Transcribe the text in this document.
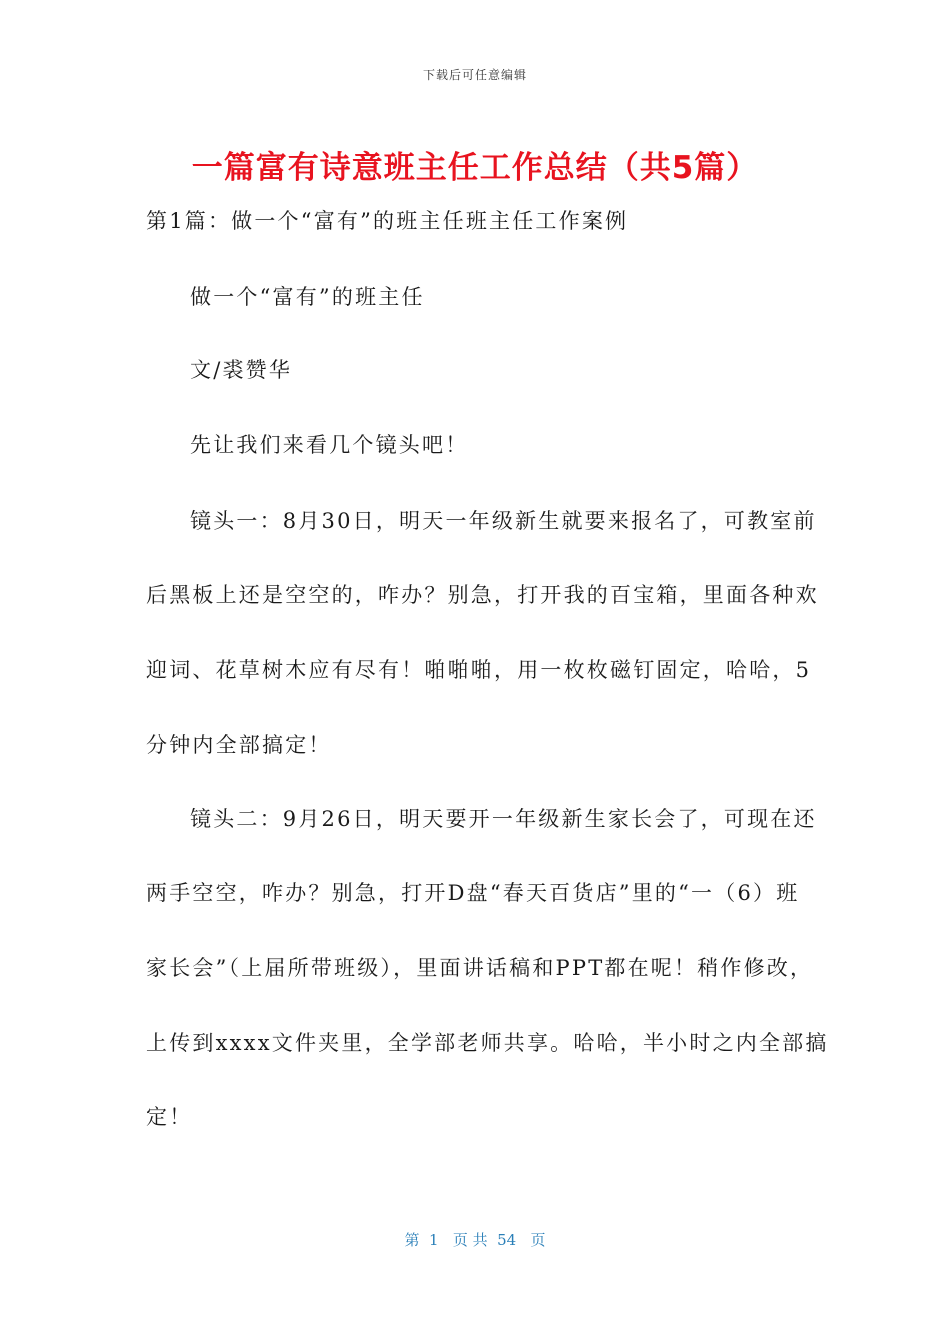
下载后可任意编辑
一篇富有诗意班主任工作总结（共5篇）
第1篇：做一个“富有”的班主任班主任工作案例
做一个“富有”的班主任
文/裘赞华
先让我们来看几个镜头吧！
镜头一：8月30日，明天一年级新生就要来报名了，可教室前
后黑板上还是空空的，咋办？别急，打开我的百宝箱，里面各种欢
迎词、花草树木应有尽有！啪啪啪，用一枚枚磁钉固定，哈哈，5
分钟内全部搞定！
镜头二：9月26日，明天要开一年级新生家长会了，可现在还
两手空空，咋办？别急，打开D盘“春天百货店”里的“一（6）班
家长会”（上届所带班级），里面讲话稿和PPT都在呢！稍作修改，
上传到xxxx文件夹里，全学部老师共享。哈哈，半小时之内全部搞
定！
第  1   页 共  54   页
